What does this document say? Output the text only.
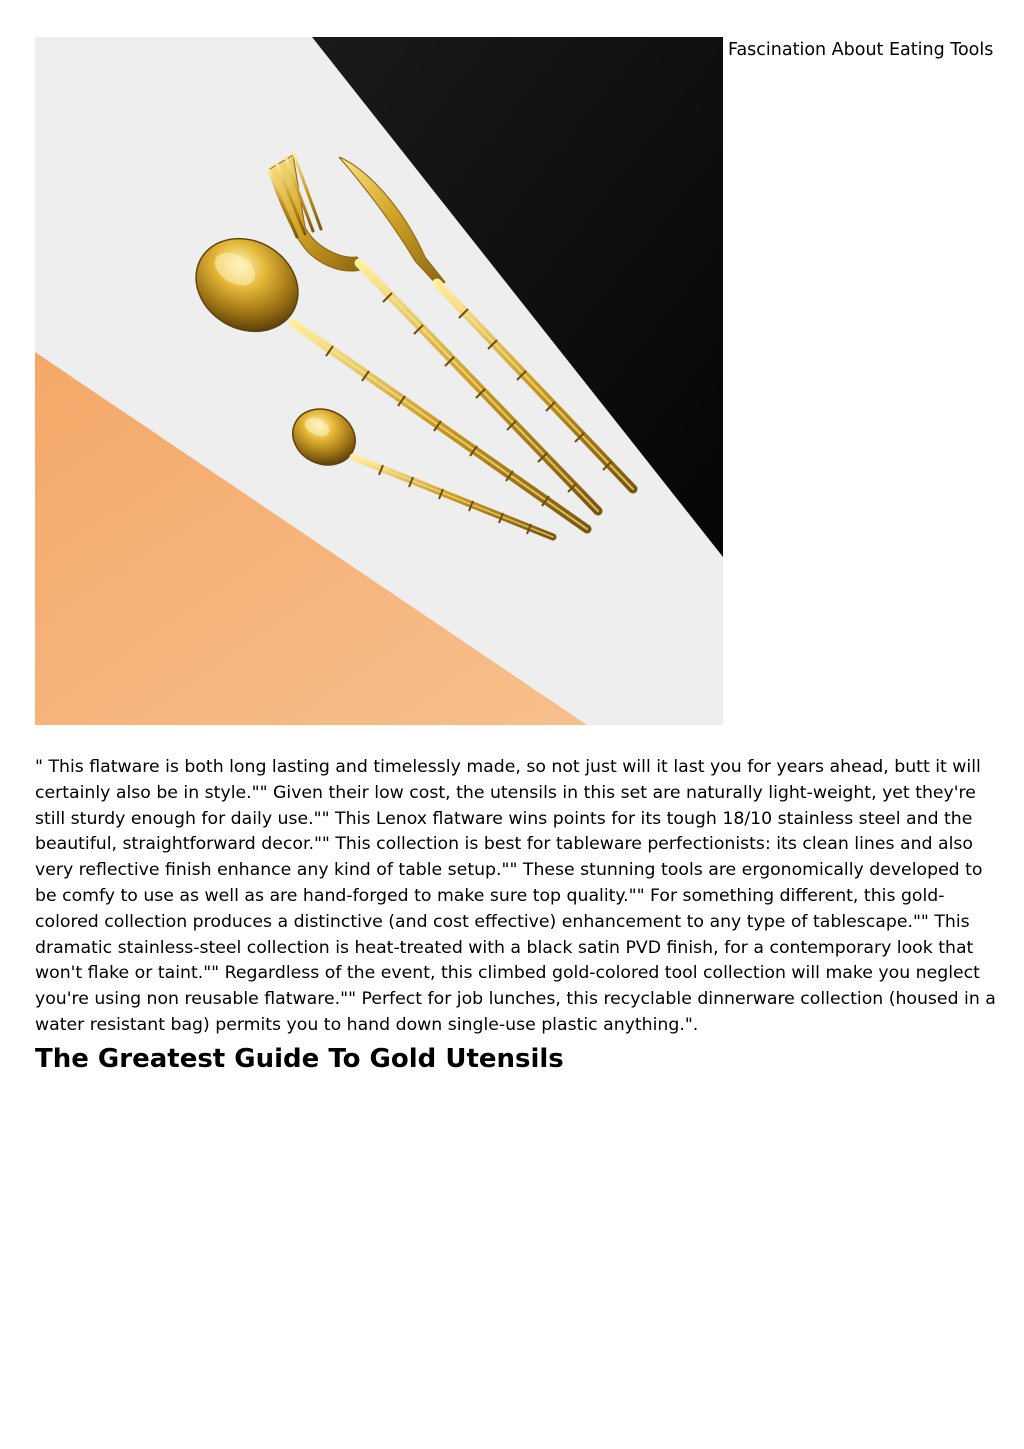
Fascination About Eating Tools

" This flatware is both long lasting and timelessly made, so not just will it last you for years ahead, butt it will certainly also be in style."" Given their low cost, the utensils in this set are naturally light-weight, yet they're still sturdy enough for daily use."" This Lenox flatware wins points for its tough 18/10 stainless steel and the beautiful, straightforward decor."" This collection is best for tableware perfectionists: its clean lines and also very reflective finish enhance any kind of table setup."" These stunning tools are ergonomically developed to be comfy to use as well as are hand-forged to make sure top quality."" For something different, this gold-colored collection produces a distinctive (and cost effective) enhancement to any type of tablescape."" This dramatic stainless-steel collection is heat-treated with a black satin PVD finish, for a contemporary look that won't flake or taint."" Regardless of the event, this climbed gold-colored tool collection will make you neglect you're using non reusable flatware."" Perfect for job lunches, this recyclable dinnerware collection (housed in a water resistant bag) permits you to hand down single-use plastic anything.".

The Greatest Guide To Gold Utensils
